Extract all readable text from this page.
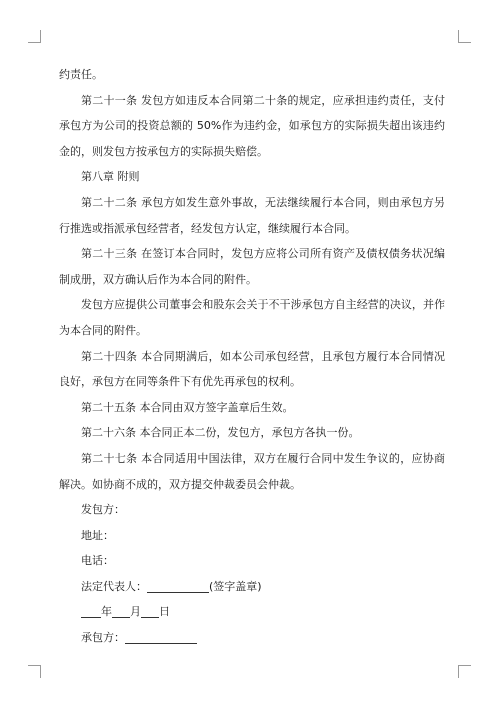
约责任。

第二十一条 发包方如违反本合同第二十条的规定，应承担违约责任，支付承包方为公司的投资总额的 50%作为违约金，如承包方的实际损失超出该违约金的，则发包方按承包方的实际损失赔偿。

第八章 附则

第二十二条 承包方如发生意外事故，无法继续履行本合同，则由承包方另行推选或指派承包经营者，经发包方认定，继续履行本合同。

第二十三条 在签订本合同时，发包方应将公司所有资产及债权债务状况编制成册，双方确认后作为本合同的附件。

发包方应提供公司董事会和股东会关于不干涉承包方自主经营的决议，并作为本合同的附件。

第二十四条 本合同期满后，如本公司承包经营，且承包方履行本合同情况良好，承包方在同等条件下有优先再承包的权利。

第二十五条 本合同由双方签字盖章后生效。

第二十六条 本合同正本二份，发包方，承包方各执一份。

第二十七条 本合同适用中国法律，双方在履行合同中发生争议的，应协商解决。如协商不成的，双方提交仲裁委员会仲裁。

发包方：

地址：

电话：

法定代表人：	(签字盖章)

年 月 日

承包方：
